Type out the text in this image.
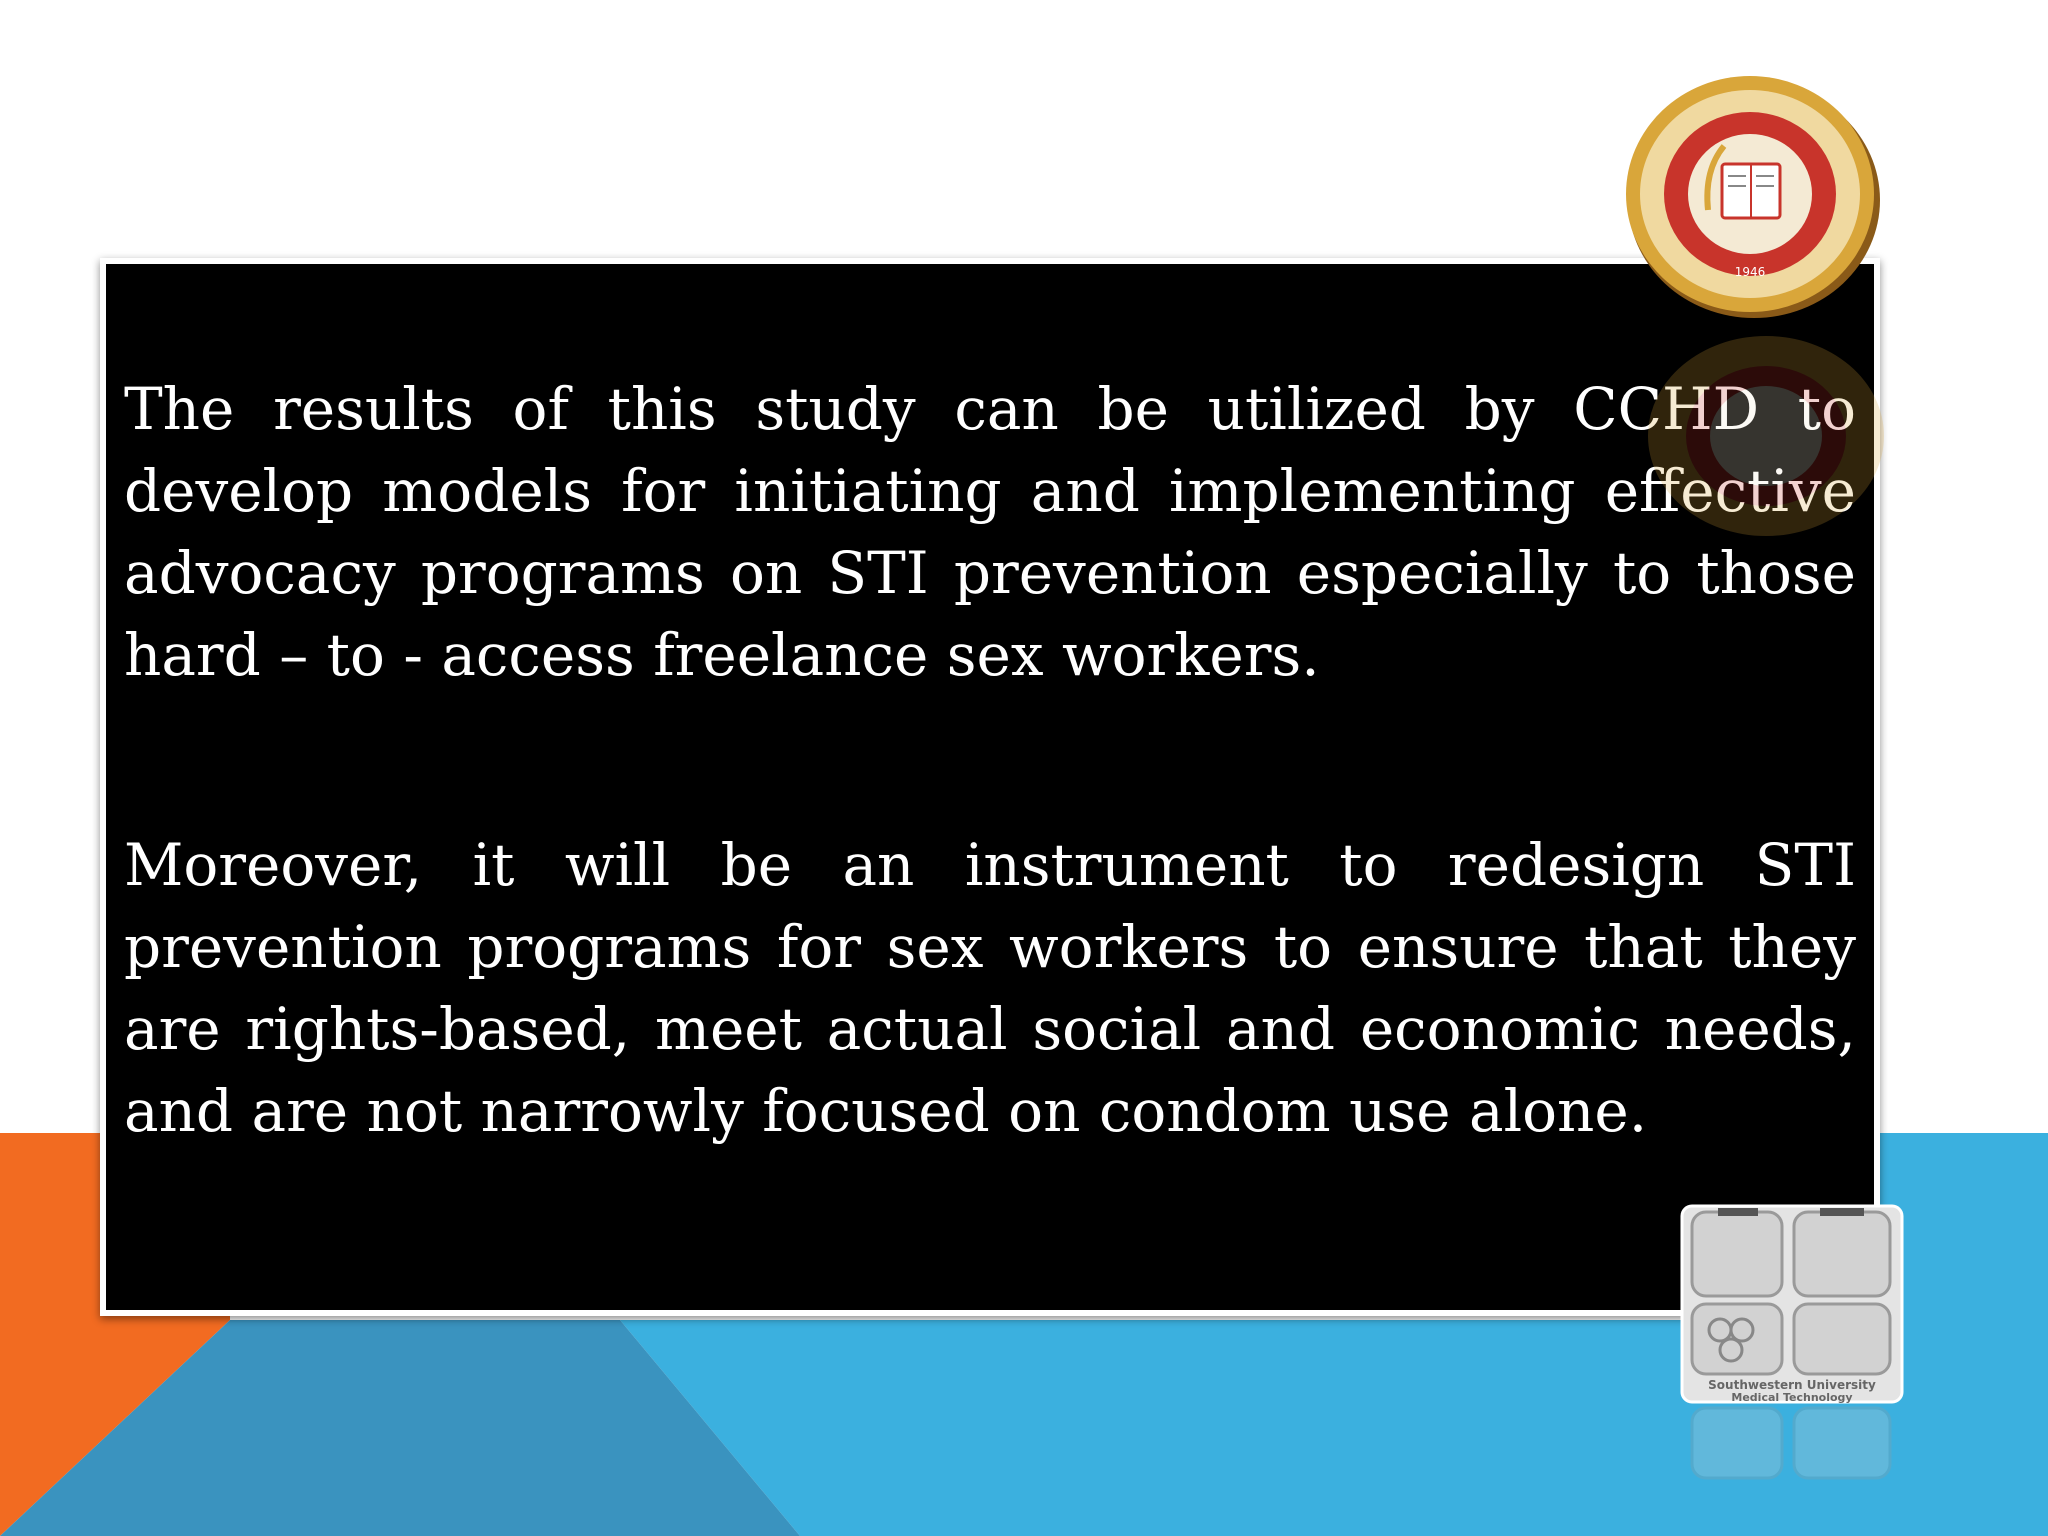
The results of this study can be utilized by CCHD to develop models for initiating and implementing effective advocacy programs on STI prevention especially to those hard – to - access freelance sex workers.

Moreover, it will be an instrument to redesign STI prevention programs for sex workers to ensure that they are rights-based, meet actual social and economic needs, and are not narrowly focused on condom use alone.

1946
Southwestern University
Medical Technology
